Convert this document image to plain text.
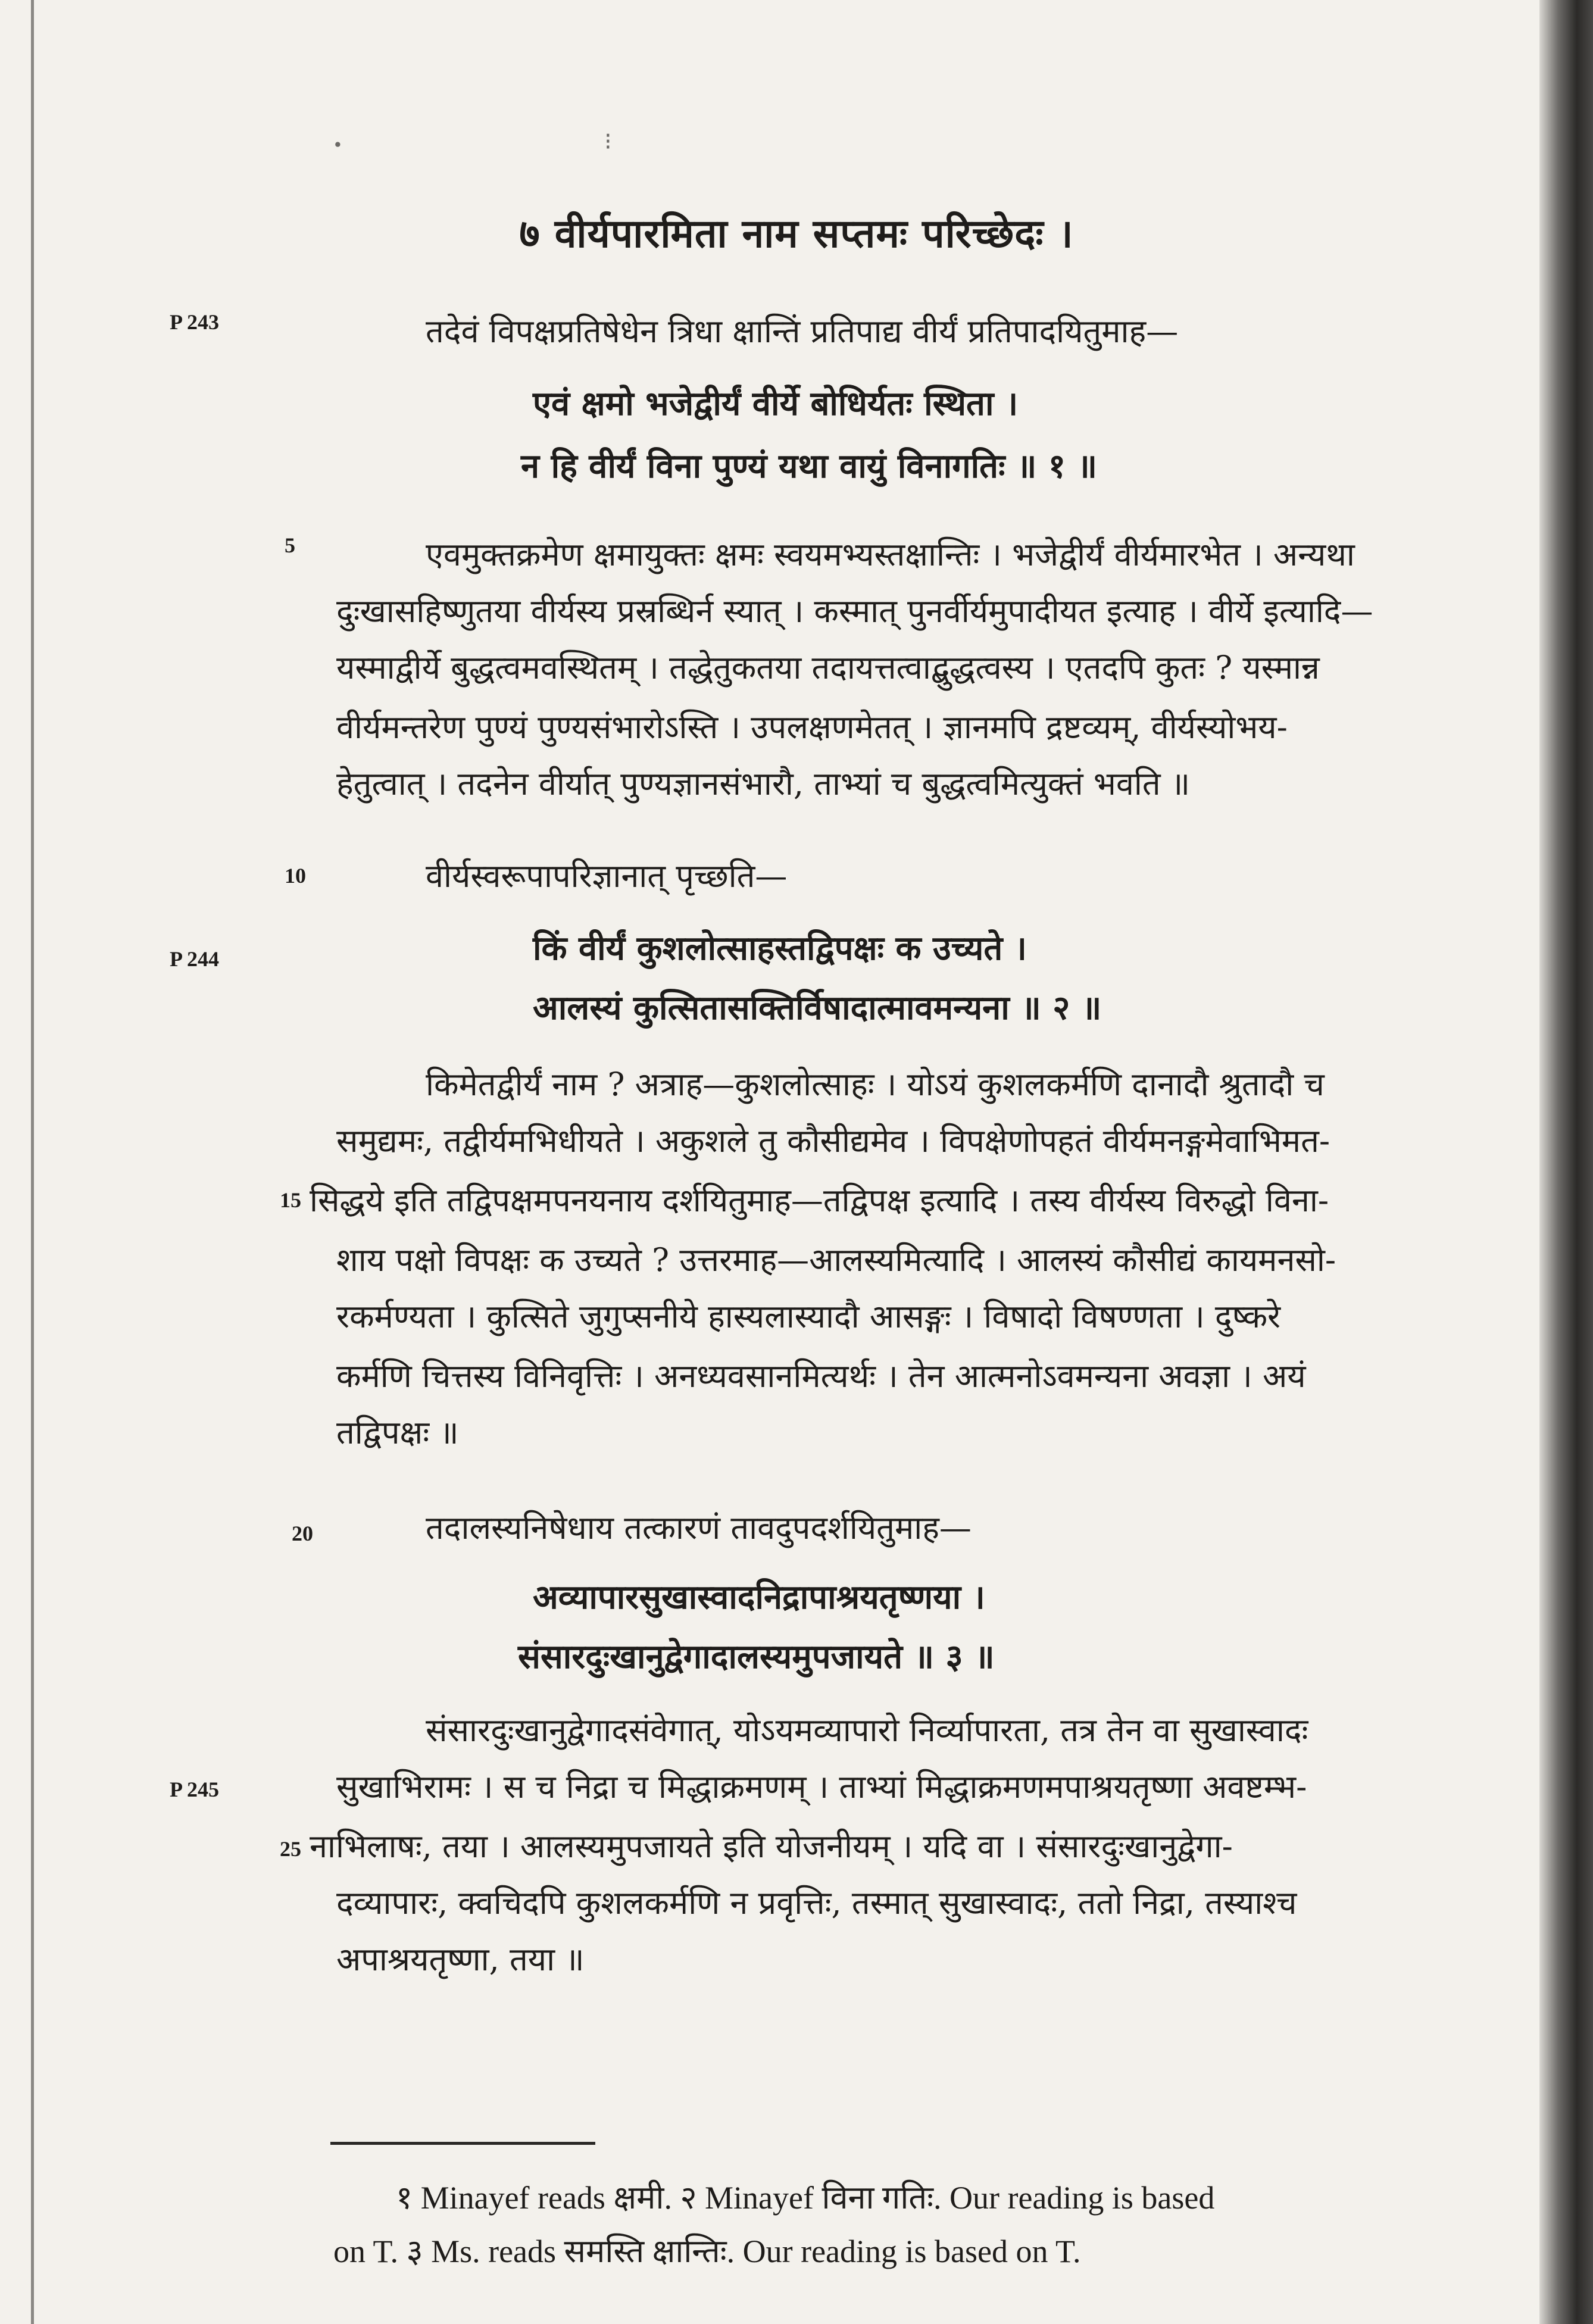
⁝
∙
७ वीर्यपारमिता नाम सप्तमः परिच्छेदः ।
P 243	तदेवं विपक्षप्रतिषेधेन त्रिधा क्षान्तिं प्रतिपाद्य वीर्यं प्रतिपादयितुमाह—
एवं क्षमो भजेद्वीर्यं वीर्ये बोधिर्यतः स्थिता ।
न हि वीर्यं विना पुण्यं यथा वायुं विनागतिः ॥ १ ॥
5	एवमुक्तक्रमेण क्षमायुक्तः क्षमः स्वयमभ्यस्तक्षान्तिः । भजेद्वीर्यं वीर्यमारभेत । अन्यथा
दुःखासहिष्णुतया वीर्यस्य प्रस्रब्धिर्न स्यात् । कस्मात् पुनर्वीर्यमुपादीयत इत्याह । वीर्ये इत्यादि—
यस्माद्वीर्ये बुद्धत्वमवस्थितम् । तद्धेतुकतया तदायत्तत्वाद्बुद्धत्वस्य । एतदपि कुतः ? यस्मान्न
वीर्यमन्तरेण पुण्यं पुण्यसंभारोऽस्ति । उपलक्षणमेतत् । ज्ञानमपि द्रष्टव्यम्, वीर्यस्योभय-
हेतुत्वात् । तदनेन वीर्यात् पुण्यज्ञानसंभारौ, ताभ्यां च बुद्धत्वमित्युक्तं भवति ॥
10	वीर्यस्वरूपापरिज्ञानात् पृच्छति—
P 244	किं वीर्यं कुशलोत्साहस्तद्विपक्षः क उच्यते ।
आलस्यं कुत्सितासक्तिर्विषादात्मावमन्यना ॥ २ ॥
किमेतद्वीर्यं नाम ? अत्राह—कुशलोत्साहः । योऽयं कुशलकर्मणि दानादौ श्रुतादौ च
समुद्यमः, तद्वीर्यमभिधीयते । अकुशले तु कौसीद्यमेव । विपक्षेणोपहतं वीर्यमनङ्गमेवाभिमत-
15 सिद्धये इति तद्विपक्षमपनयनाय दर्शयितुमाह—तद्विपक्ष इत्यादि । तस्य वीर्यस्य विरुद्धो विना-
शाय पक्षो विपक्षः क उच्यते ? उत्तरमाह—आलस्यमित्यादि । आलस्यं कौसीद्यं कायमनसो-
रकर्मण्यता । कुत्सिते जुगुप्सनीये हास्यलास्यादौ आसङ्गः । विषादो विषण्णता । दुष्करे
कर्मणि चित्तस्य विनिवृत्तिः । अनध्यवसानमित्यर्थः । तेन आत्मनोऽवमन्यना अवज्ञा । अयं
तद्विपक्षः ॥
20	तदालस्यनिषेधाय तत्कारणं तावदुपदर्शयितुमाह—
अव्यापारसुखास्वादनिद्रापाश्रयतृष्णया ।
संसारदुःखानुद्वेगादालस्यमुपजायते ॥ ३ ॥
संसारदुःखानुद्वेगादसंवेगात्, योऽयमव्यापारो निर्व्यापारता, तत्र तेन वा सुखास्वादः
P 245	सुखाभिरामः । स च निद्रा च मिद्धाक्रमणम् । ताभ्यां मिद्धाक्रमणमपाश्रयतृष्णा अवष्टम्भ-
25 नाभिलाषः, तया । आलस्यमुपजायते इति योजनीयम् । यदि वा । संसारदुःखानुद्वेगा-
दव्यापारः, क्वचिदपि कुशलकर्मणि न प्रवृत्तिः, तस्मात् सुखास्वादः, ततो निद्रा, तस्याश्च
अपाश्रयतृष्णा, तया ॥
१ Minayef reads क्षमी. २ Minayef विना गतिः. Our reading is based
on T. ३ Ms. reads समस्ति क्षान्तिः. Our reading is based on T.
